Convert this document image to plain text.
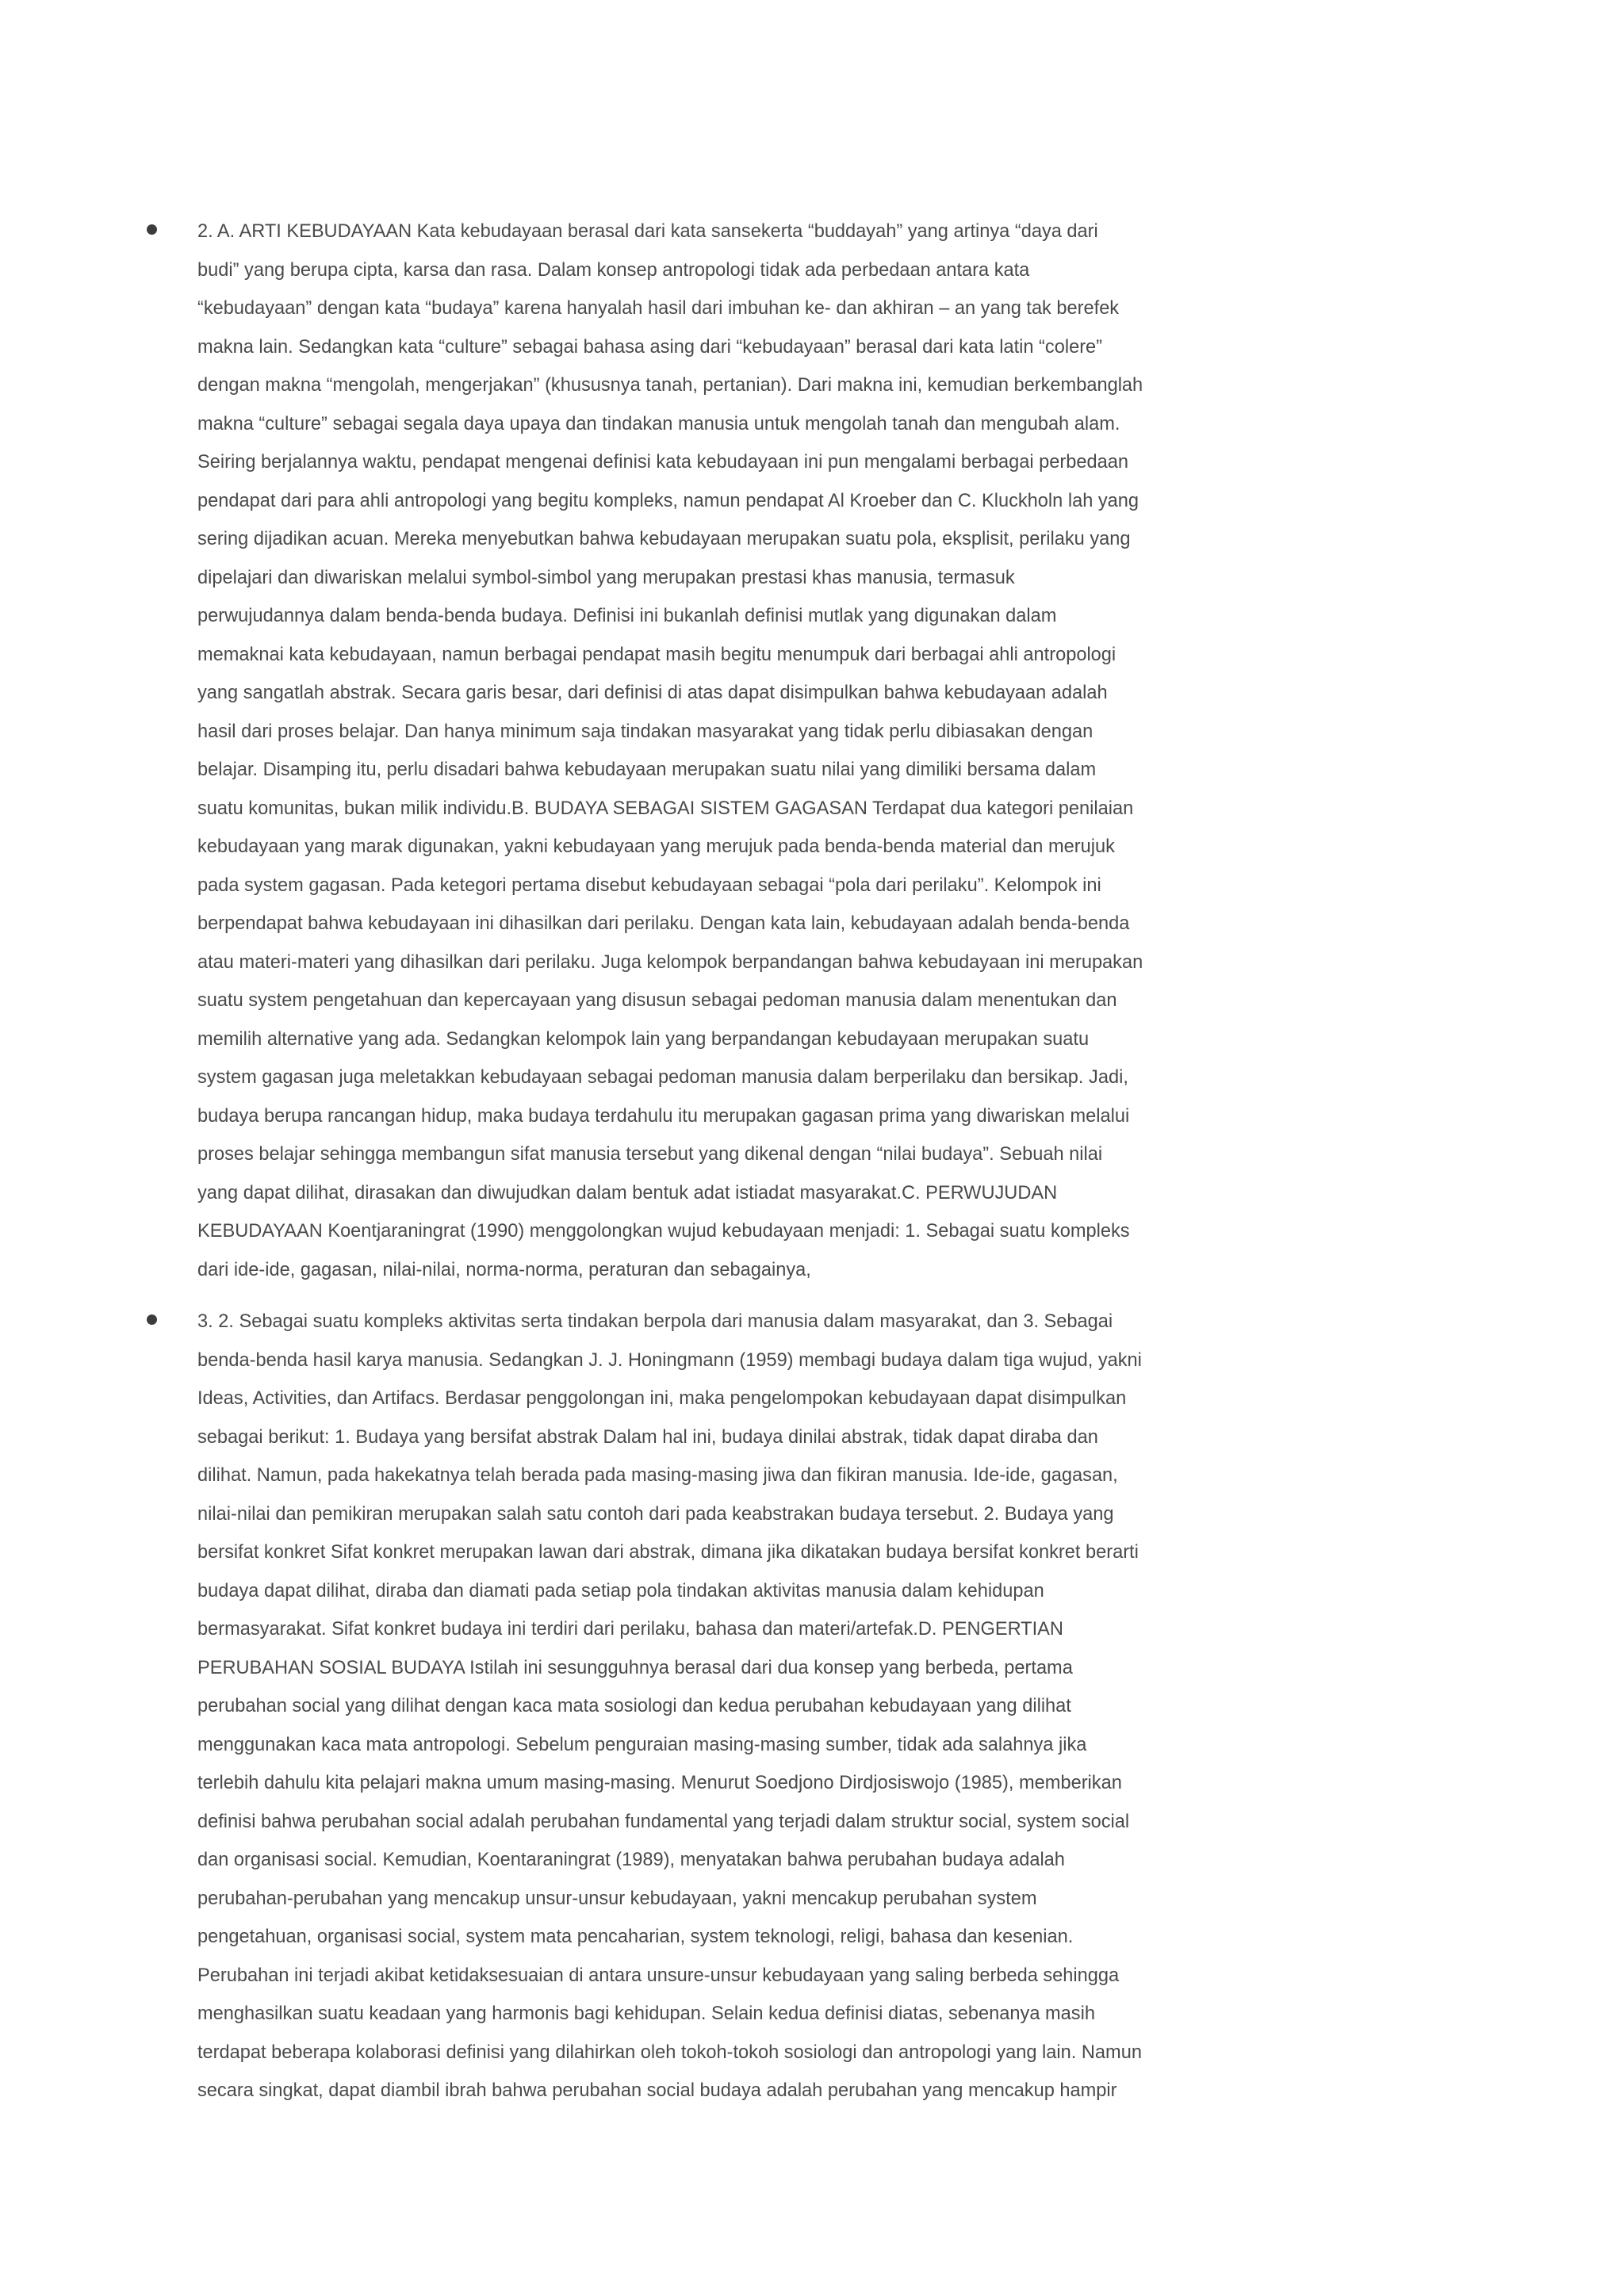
2. A. ARTI KEBUDAYAAN Kata kebudayaan berasal dari kata sansekerta “buddayah” yang artinya “daya dari
budi” yang berupa cipta, karsa dan rasa. Dalam konsep antropologi tidak ada perbedaan antara kata
“kebudayaan” dengan kata “budaya” karena hanyalah hasil dari imbuhan ke- dan akhiran – an yang tak berefek
makna lain. Sedangkan kata “culture” sebagai bahasa asing dari “kebudayaan” berasal dari kata latin “colere”
dengan makna “mengolah, mengerjakan” (khususnya tanah, pertanian). Dari makna ini, kemudian berkembanglah
makna “culture” sebagai segala daya upaya dan tindakan manusia untuk mengolah tanah dan mengubah alam.
Seiring berjalannya waktu, pendapat mengenai definisi kata kebudayaan ini pun mengalami berbagai perbedaan
pendapat dari para ahli antropologi yang begitu kompleks, namun pendapat Al Kroeber dan C. Kluckholn lah yang
sering dijadikan acuan. Mereka menyebutkan bahwa kebudayaan merupakan suatu pola, eksplisit, perilaku yang
dipelajari dan diwariskan melalui symbol-simbol yang merupakan prestasi khas manusia, termasuk
perwujudannya dalam benda-benda budaya. Definisi ini bukanlah definisi mutlak yang digunakan dalam
memaknai kata kebudayaan, namun berbagai pendapat masih begitu menumpuk dari berbagai ahli antropologi
yang sangatlah abstrak. Secara garis besar, dari definisi di atas dapat disimpulkan bahwa kebudayaan adalah
hasil dari proses belajar. Dan hanya minimum saja tindakan masyarakat yang tidak perlu dibiasakan dengan
belajar. Disamping itu, perlu disadari bahwa kebudayaan merupakan suatu nilai yang dimiliki bersama dalam
suatu komunitas, bukan milik individu.B. BUDAYA SEBAGAI SISTEM GAGASAN Terdapat dua kategori penilaian
kebudayaan yang marak digunakan, yakni kebudayaan yang merujuk pada benda-benda material dan merujuk
pada system gagasan. Pada ketegori pertama disebut kebudayaan sebagai “pola dari perilaku”. Kelompok ini
berpendapat bahwa kebudayaan ini dihasilkan dari perilaku. Dengan kata lain, kebudayaan adalah benda-benda
atau materi-materi yang dihasilkan dari perilaku. Juga kelompok berpandangan bahwa kebudayaan ini merupakan
suatu system pengetahuan dan kepercayaan yang disusun sebagai pedoman manusia dalam menentukan dan
memilih alternative yang ada. Sedangkan kelompok lain yang berpandangan kebudayaan merupakan suatu
system gagasan juga meletakkan kebudayaan sebagai pedoman manusia dalam berperilaku dan bersikap. Jadi,
budaya berupa rancangan hidup, maka budaya terdahulu itu merupakan gagasan prima yang diwariskan melalui
proses belajar sehingga membangun sifat manusia tersebut yang dikenal dengan “nilai budaya”. Sebuah nilai
yang dapat dilihat, dirasakan dan diwujudkan dalam bentuk adat istiadat masyarakat.C. PERWUJUDAN
KEBUDAYAAN Koentjaraningrat (1990) menggolongkan wujud kebudayaan menjadi: 1. Sebagai suatu kompleks
dari ide-ide, gagasan, nilai-nilai, norma-norma, peraturan dan sebagainya,

3. 2. Sebagai suatu kompleks aktivitas serta tindakan berpola dari manusia dalam masyarakat, dan 3. Sebagai
benda-benda hasil karya manusia. Sedangkan J. J. Honingmann (1959) membagi budaya dalam tiga wujud, yakni
Ideas, Activities, dan Artifacs. Berdasar penggolongan ini, maka pengelompokan kebudayaan dapat disimpulkan
sebagai berikut: 1. Budaya yang bersifat abstrak Dalam hal ini, budaya dinilai abstrak, tidak dapat diraba dan
dilihat. Namun, pada hakekatnya telah berada pada masing-masing jiwa dan fikiran manusia. Ide-ide, gagasan,
nilai-nilai dan pemikiran merupakan salah satu contoh dari pada keabstrakan budaya tersebut. 2. Budaya yang
bersifat konkret Sifat konkret merupakan lawan dari abstrak, dimana jika dikatakan budaya bersifat konkret berarti
budaya dapat dilihat, diraba dan diamati pada setiap pola tindakan aktivitas manusia dalam kehidupan
bermasyarakat. Sifat konkret budaya ini terdiri dari perilaku, bahasa dan materi/artefak.D. PENGERTIAN
PERUBAHAN SOSIAL BUDAYA Istilah ini sesungguhnya berasal dari dua konsep yang berbeda, pertama
perubahan social yang dilihat dengan kaca mata sosiologi dan kedua perubahan kebudayaan yang dilihat
menggunakan kaca mata antropologi. Sebelum penguraian masing-masing sumber, tidak ada salahnya jika
terlebih dahulu kita pelajari makna umum masing-masing. Menurut Soedjono Dirdjosiswojo (1985), memberikan
definisi bahwa perubahan social adalah perubahan fundamental yang terjadi dalam struktur social, system social
dan organisasi social. Kemudian, Koentaraningrat (1989), menyatakan bahwa perubahan budaya adalah
perubahan-perubahan yang mencakup unsur-unsur kebudayaan, yakni mencakup perubahan system
pengetahuan, organisasi social, system mata pencaharian, system teknologi, religi, bahasa dan kesenian.
Perubahan ini terjadi akibat ketidaksesuaian di antara unsure-unsur kebudayaan yang saling berbeda sehingga
menghasilkan suatu keadaan yang harmonis bagi kehidupan. Selain kedua definisi diatas, sebenanya masih
terdapat beberapa kolaborasi definisi yang dilahirkan oleh tokoh-tokoh sosiologi dan antropologi yang lain. Namun
secara singkat, dapat diambil ibrah bahwa perubahan social budaya adalah perubahan yang mencakup hampir
